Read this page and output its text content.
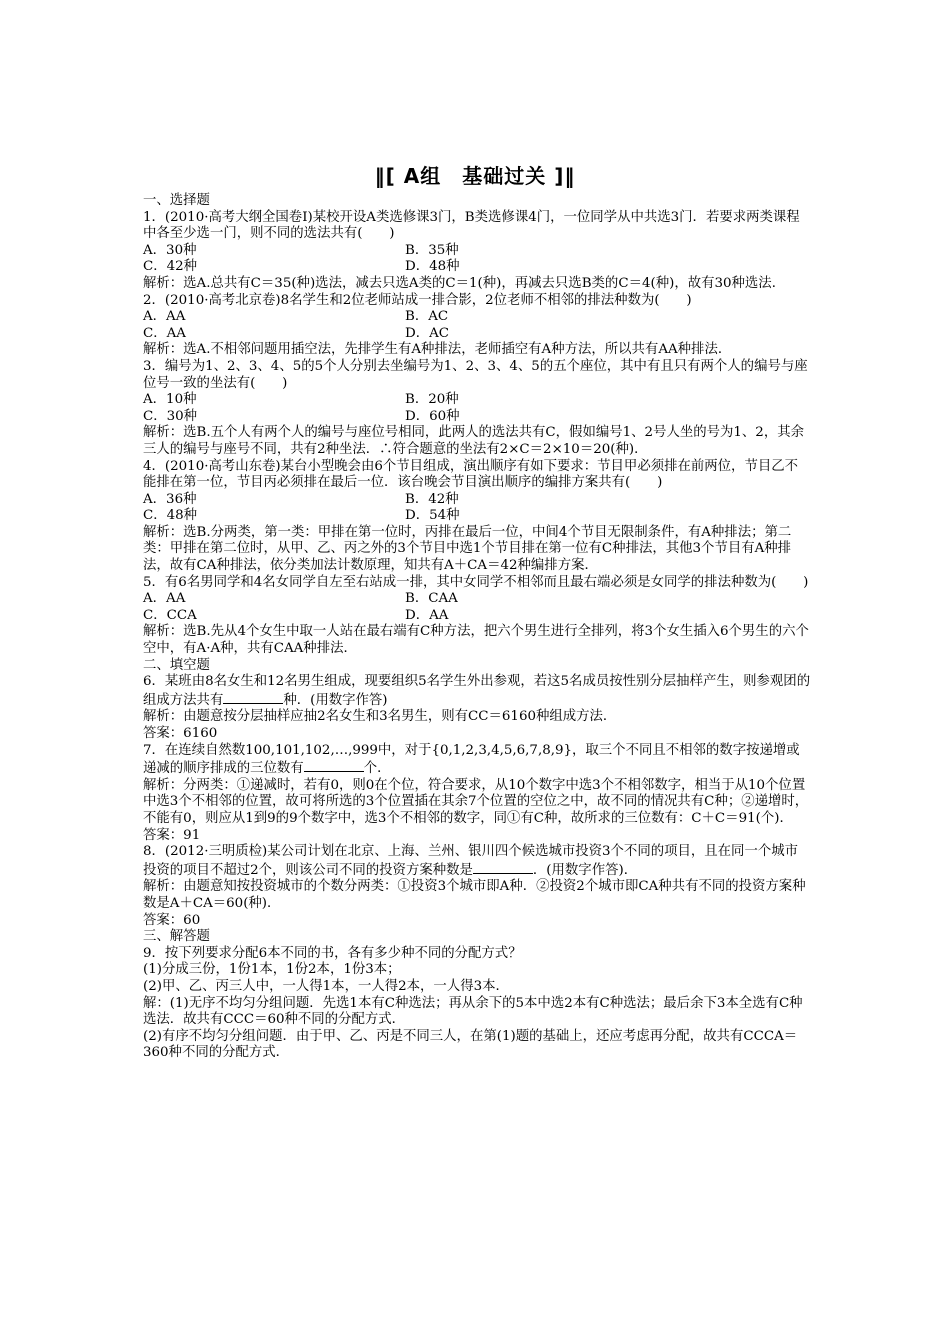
‖[ A组　基础过关 ]‖
一、选择题
1．(2010·高考大纲全国卷Ⅰ)某校开设A类选修课3门，B类选修课4门，一位同学从中共选3门．若要求两类课程中各至少选一门，则不同的选法共有(　　)
A．30种	B．35种
C．42种	D．48种
解析：选A.总共有C＝35(种)选法，减去只选A类的C＝1(种)，再减去只选B类的C＝4(种)，故有30种选法．
2．(2010·高考北京卷)8名学生和2位老师站成一排合影，2位老师不相邻的排法种数为(　　)
A．AA	B．AC
C．AA	D．AC
解析：选A.不相邻问题用插空法，先排学生有A种排法，老师插空有A种方法，所以共有AA种排法．
3．编号为1、2、3、4、5的5个人分别去坐编号为1、2、3、4、5的五个座位，其中有且只有两个人的编号与座位号一致的坐法有(　　)
A．10种	B．20种
C．30种	D．60种
解析：选B.五个人有两个人的编号与座位号相同，此两人的选法共有C，假如编号1、2号人坐的号为1、2，其余三人的编号与座号不同，共有2种坐法．∴符合题意的坐法有2×C＝2×10＝20(种)．
4．(2010·高考山东卷)某台小型晚会由6个节目组成，演出顺序有如下要求：节目甲必须排在前两位，节目乙不能排在第一位，节目丙必须排在最后一位．该台晚会节目演出顺序的编排方案共有(　　)
A．36种	B．42种
C．48种	D．54种
解析：选B.分两类，第一类：甲排在第一位时，丙排在最后一位，中间4个节目无限制条件，有A种排法；第二类：甲排在第二位时，从甲、乙、丙之外的3个节目中选1个节目排在第一位有C种排法，其他3个节目有A种排法，故有CA种排法，依分类加法计数原理，知共有A＋CA＝42种编排方案．
5．有6名男同学和4名女同学自左至右站成一排，其中女同学不相邻而且最右端必须是女同学的排法种数为(　　)
A．AA	B．CAA
C．CCA	D．AA
解析：选B.先从4个女生中取一人站在最右端有C种方法，把六个男生进行全排列，将3个女生插入6个男生的六个空中，有A·A种，共有CAA种排法．
二、填空题
6．某班由8名女生和12名男生组成，现要组织5名学生外出参观，若这5名成员按性别分层抽样产生，则参观团的组成方法共有	种．(用数字作答)
解析：由题意按分层抽样应抽2名女生和3名男生，则有CC＝6160种组成方法．
答案：6160
7．在连续自然数100,101,102,…,999中，对于{0,1,2,3,4,5,6,7,8,9}，取三个不同且不相邻的数字按递增或递减的顺序排成的三位数有	个．
解析：分两类：①递减时，若有0，则0在个位，符合要求，从10个数字中选3个不相邻数字，相当于从10个位置中选3个不相邻的位置，故可将所选的3个位置插在其余7个位置的空位之中，故不同的情况共有C种；②递增时，不能有0，则应从1到9的9个数字中，选3个不相邻的数字，同①有C种，故所求的三位数有：C＋C＝91(个)．
答案：91
8．(2012·三明质检)某公司计划在北京、上海、兰州、银川四个候选城市投资3个不同的项目，且在同一个城市投资的项目不超过2个，则该公司不同的投资方案种数是	．(用数字作答)．
解析：由题意知按投资城市的个数分两类：①投资3个城市即A种．②投资2个城市即CA种共有不同的投资方案种数是A＋CA＝60(种)．
答案：60
三、解答题
9．按下列要求分配6本不同的书，各有多少种不同的分配方式？
(1)分成三份，1份1本，1份2本，1份3本；
(2)甲、乙、丙三人中，一人得1本，一人得2本，一人得3本．
解：(1)无序不均匀分组问题．先选1本有C种选法；再从余下的5本中选2本有C种选法；最后余下3本全选有C种选法．故共有CCC＝60种不同的分配方式．
(2)有序不均匀分组问题．由于甲、乙、丙是不同三人，在第(1)题的基础上，还应考虑再分配，故共有CCCA＝360种不同的分配方式．
